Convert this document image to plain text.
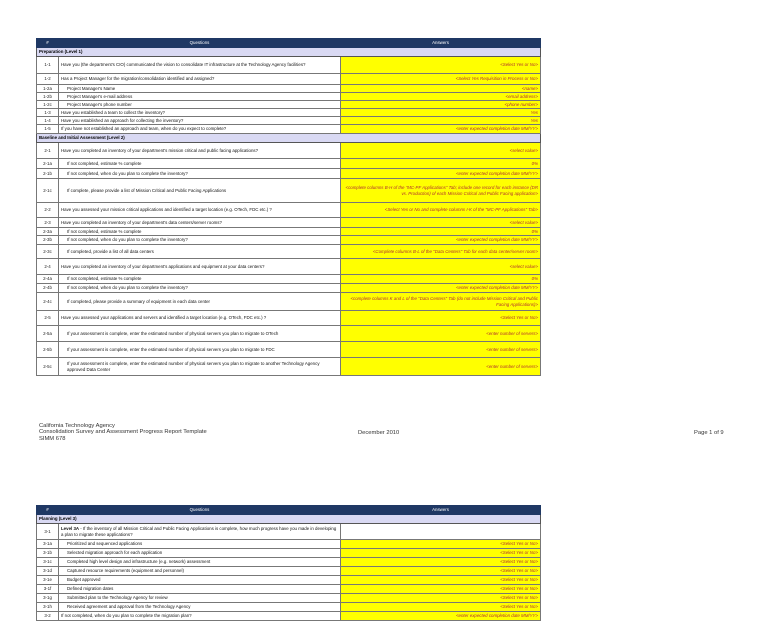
#	Questions	Answers
Preparation (Level 1)		
1-1	Have you (the department's CIO) communicated the vision to consolidate IT infrastructure at the Technology Agency facilities?	<Select Yes or No>
1-2	Has a Project Manager for the migration/consolidation identified and assigned?	<Select Yes Requisition in Process or No>
1-2a	Project Manager's Name	<name>
1-2b	Project Manager's e-mail address	<email address>
1-2c	Project Manager's phone number	<phone number>
1-3	Have you established a team to collect the inventory?	Yes
1-4	Have you established an approach for collecting the inventory?	Yes
1-5	If you have not established an approach and team, when do you expect to complete?	<enter expected completion date MM/YY>
Baseline and Initial Assessment (Level 2)		
2-1	Have you completed an inventory of your department's mission critical and public facing applications?	<select value>
2-1a	If not completed, estimate % complete	0%
2-1b	If not completed, when do you plan to complete the inventory?	<enter expected completion date MM/YY>
2-1c	If complete, please provide a list of Mission Critical and Public Facing Applications	<complete columns B-H of the "MC-PF Applications" Tab; include one record for each instance (DR vs. Production) of each Mission Critical and Public Facing application>
2-2	Have you assessed your mission critical applications and identified a target location (e.g. OTech, FDC etc.) ?	<Select Yes or No and complete columns I-K of the "MC-PF Applications" Tab>
2-3	Have you completed an inventory of your department's data centers/server rooms?	<select value>
2-3a	If not completed, estimate % complete	0%
2-3b	If not completed, when do you plan to complete the inventory?	<enter expected completion date MM/YY>
2-3c	If completed, provide a list of all data centers	<Complete columns B-L of the "Data Centers" Tab for each data center/server room>
2-4	Have you completed an inventory of your department's applications and equipment at your data centers?	<select value>
2-4a	If not completed, estimate % complete	0%
2-4b	If not completed, when do you plan to complete the inventory?	<enter expected completion date MM/YY>
2-4c	If completed, please provide a summary of equipment in each data center	<complete columns K and L of the "Data Centers" Tab (do not include Mission Critical and Public Facing Applications)>
2-5	Have you assessed your applications and servers and identified a target location (e.g. OTech, FDC etc.) ?	<Select Yes or No>
2-5a	If your assessment is complete, enter the estimated number of physical servers you plan to migrate to OTech	<enter number of servers>
2-5b	If your assessment is complete, enter the estimated number of physical servers you plan to migrate to FDC	<enter number of servers>
2-5c	If your assessment is complete, enter the estimated number of physical servers you plan to migrate to another Technology Agency approved Data Center	<enter number of servers>
California Technology Agency
Consolidation Survey and Assessment Progress Report Template
SIMM 678
December 2010	Page 1 of 9
#	Questions	Answers
Planning (Level 3)		
3-1	Level 3A - If the inventory of all Mission Critical and Public Facing Applications is complete, how much progress have you made in developing a plan to migrate these applications?	
3-1a	Prioritized and sequenced applications	<Select Yes or No>
3-1b	Selected migration approach for each application	<Select Yes or No>
3-1c	Completed high level design and infrastructure (e.g. network) assessment	<Select Yes or No>
3-1d	Captured resource requirements (equipment and personnel)	<Select Yes or No>
3-1e	Budget approved	<Select Yes or No>
3-1f	Defined migration dates	<Select Yes or No>
3-1g	Submitted plan to the Technology Agency for review	<Select Yes or No>
3-1h	Received agreement and approval from the Technology Agency	<Select Yes or No>
3-2	If not completed, when do you plan to complete the migration plan?	<enter expected completion date MM/YY>
